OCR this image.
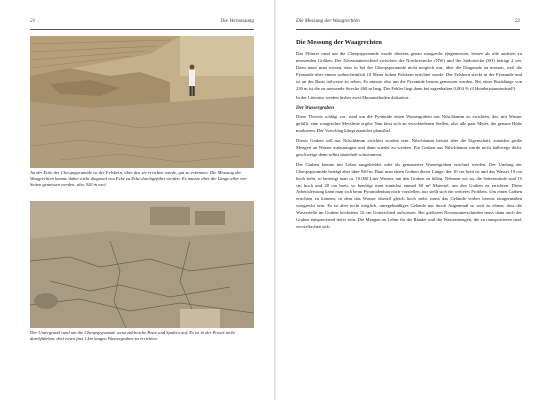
21	Die Vermessung
An der Ecke der Cheopspyramide ist der Felskern, über den sie errichtet wurde, gut zu erkennen. Die Messung der Waagrechten konnte daher nicht diagonal von Ecke zu Ecke durchgeführt werden. Es musste über die Länge aller vier Seiten gemessen werden, also 920 m weit.
Der Untergrund rund um die Cheopspyramide weist zahlreiche Risse und Spalten auf. Es ist in der Praxis nicht durchführbar, dort einen fast 1 km langen Wassergraben zu errichten.
Die Messung der Waagrechten	22
Die Messung der Waagrechten

Das Pflaster rund um die Cheopspyramide wurde überaus genau waagrecht eingemessen, besser als alle anderen zu messenden Größen. Der Niveauunterschied zwischen der Nordwestecke (NW) und der Südostecke (SO) beträgt 2 cm. Dazu muss man wissen, dass es bei der Cheopspyramide nicht möglich war, über die Diagonale zu messen, weil die Pyramide über einem wahrscheinlich 10 Meter hohen Felskern errichtet wurde. Der Felskern steckt in der Pyramide und ist an der Basis teilweise zu sehen. Es musste also um die Pyramide herum gemessen werden. Bei einer Basislänge von 230 m ist die zu messende Strecke 460 m lang. Der Fehler liegt dann bei sagenhaften 0,004 % (4 Hundertstausendstel!).

In der Literatur werden bisher zwei Messmethoden diskutiert.

Der Wassergraben

Diese Theorie schlägt vor, rund um die Pyramide einen Wassergraben aus Nilschlamm zu errichten, der, mit Wasser gefüllt, eine waagrechte Messlinie ergibt. Nun lässt sich an verschiedenen Stellen, also alle paar Meter, die genaue Höhe markieren. Der Vorschlag klingt zunächst plausibel.

Dieser Graben soll aus Nilschlamm errichtet worden sein. Nilschlamm besitzt aber die Eigenschaft, zunächst große Mengen an Wasser aufzusaugen und dann wieder zu werden. Ein Graben aus Nilschlamm würde nicht halbwegs dicht, geschweige denn selbst dauerhaft schwimmen.

Der Graben könnte mit Lehm ausgekleidet oder als gemauerter Wassergraben errichtet werden. Der Umfang der Cheopspyramide beträgt aber über 920 m. Baut man einen Graben dieser Länge, der 10 cm breit ist und das Wasser 10 cm hoch steht, so benötigt man ca. 10.000 Liter Wasser, um den Graben zu füllen. Nehmen wir an, die Seitenwände sind 15 cm hoch und 20 cm breit, so benötigt man zunächst einmal 60 m³ Material, um den Graben zu errichten. Diese Arbeitsleistung kann man sich beim Pyramidenbau noch vorstellen, nur stellt sich ein weiteres Problem. Um einen Graben errichten zu können, in dem das Wasser überall gleich hoch steht, muss das Gelände vorher bereits einigermaßen waagrecht sein. Es ist aber nicht möglich, unregelmäßiges Gelände nur durch Augenmaß so weit zu ebnen, dass die Wasserteile im Graben höchstens 10 cm Unterschied aufweisen. Bei größeren Niveauunterschieden muss dann auch der Graben entsprechend tiefer sein. Die Mengen an Lehm für die Ränder und die Wassermengen, die zu transportieren sind, vervielfachen sich.
